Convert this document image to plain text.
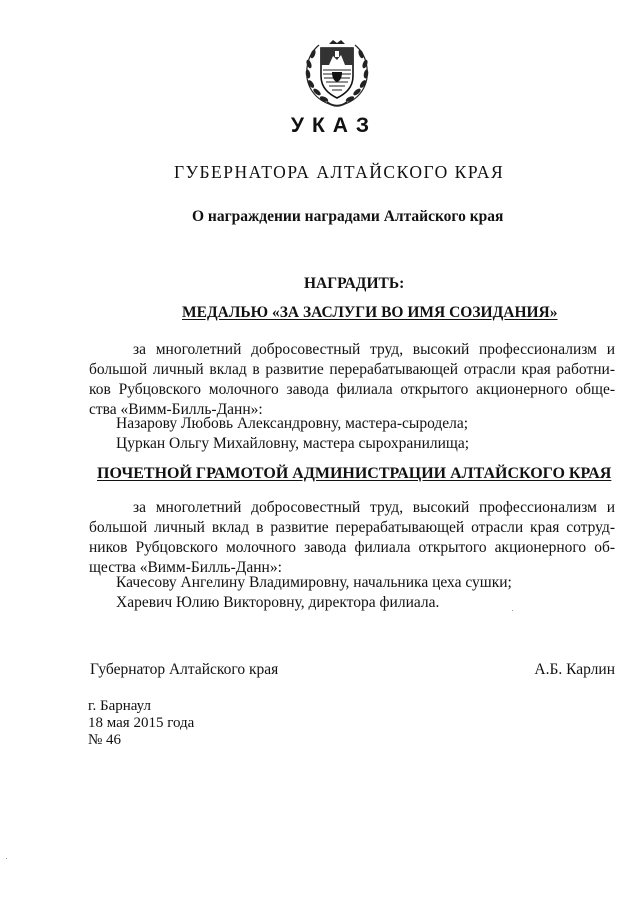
УКАЗ
ГУБЕРНАТОРА АЛТАЙСКОГО КРАЯ
О награждении наградами Алтайского края
НАГРАДИТЬ:
МЕДАЛЬЮ «ЗА ЗАСЛУГИ ВО ИМЯ СОЗИДАНИЯ»
за многолетний добросовестный труд, высокий профессионализм и
большой личный вклад в развитие перерабатывающей отрасли края работни-
ков Рубцовского молочного завода филиала открытого акционерного обще-
ства «Вимм-Билль-Данн»:
Назарову Любовь Александровну, мастера-сыродела;
Цуркан Ольгу Михайловну, мастера сырохранилища;
ПОЧЕТНОЙ ГРАМОТОЙ АДМИНИСТРАЦИИ АЛТАЙСКОГО КРАЯ
за многолетний добросовестный труд, высокий профессионализм и
большой личный вклад в развитие перерабатывающей отрасли края сотруд-
ников Рубцовского молочного завода филиала открытого акционерного об-
щества «Вимм-Билль-Данн»:
Качесову Ангелину Владимировну, начальника цеха сушки;
Харевич Юлию Викторовну, директора филиала.
Губернатор Алтайского края	А.Б. Карлин
г. Барнаул
18 мая 2015 года
№ 46
